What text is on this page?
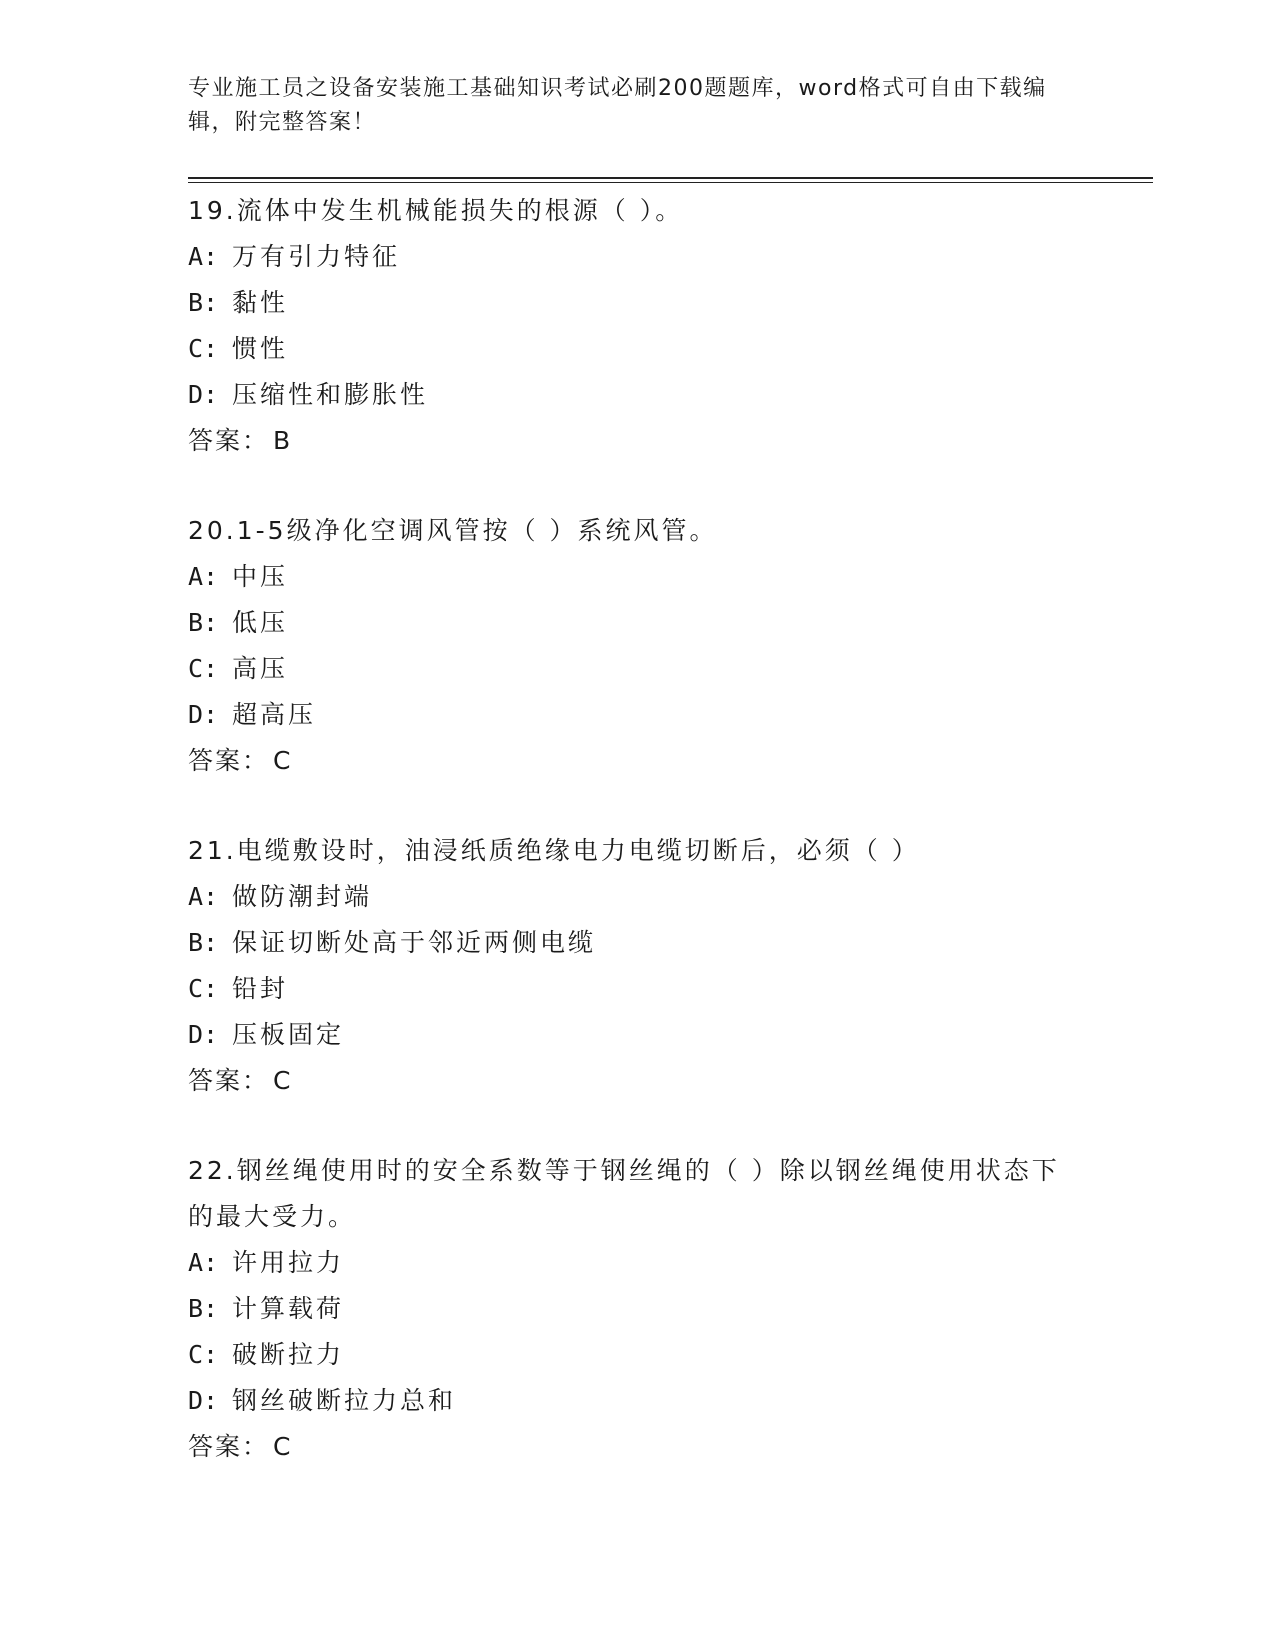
专业施工员之设备安装施工基础知识考试必刷200题题库，word格式可自由下载编辑，附完整答案！
19.流体中发生机械能损失的根源（ ）。
A: 万有引力特征
B: 黏性
C: 惯性
D: 压缩性和膨胀性
答案： B
20.1-5级净化空调风管按（ ）系统风管。
A: 中压
B: 低压
C: 高压
D: 超高压
答案： C
21.电缆敷设时，油浸纸质绝缘电力电缆切断后，必须（ ）
A: 做防潮封端
B: 保证切断处高于邻近两侧电缆
C: 铅封
D: 压板固定
答案： C
22.钢丝绳使用时的安全系数等于钢丝绳的（ ）除以钢丝绳使用状态下的最大受力。
A: 许用拉力
B: 计算载荷
C: 破断拉力
D: 钢丝破断拉力总和
答案： C
